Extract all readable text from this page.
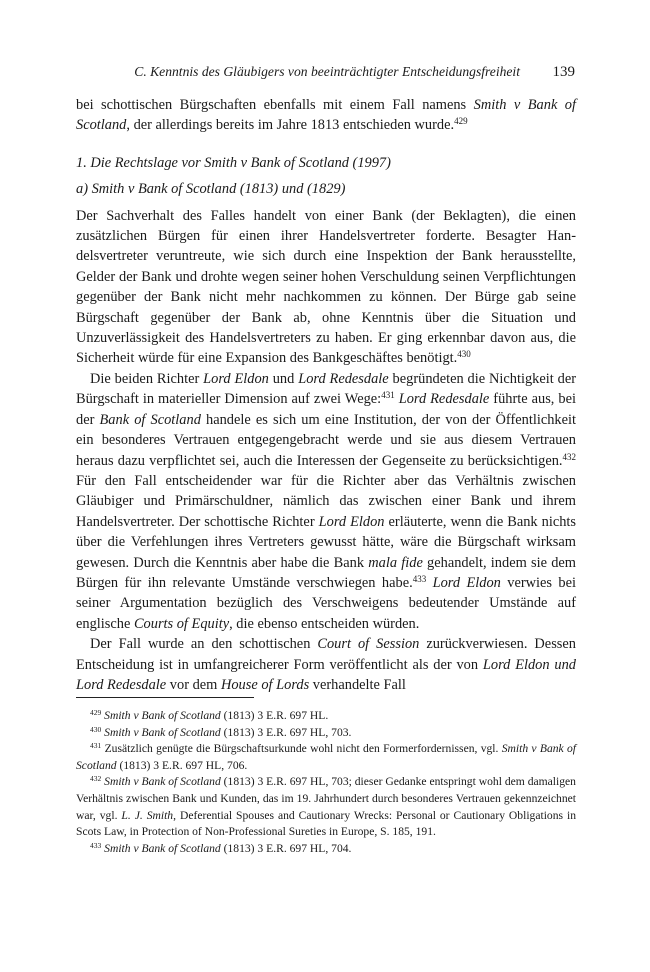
C. Kenntnis des Gläubigers von beeinträchtigter Entscheidungsfreiheit 139

bei schottischen Bürgschaften ebenfalls mit einem Fall namens Smith v Bank of Scotland, der allerdings bereits im Jahre 1813 entschieden wurde.$^{429}$

1. Die Rechtslage vor Smith v Bank of Scotland (1997)

a) Smith v Bank of Scotland (1813) und (1829)

Der Sachverhalt des Falles handelt von einer Bank (der Beklagten), die einen zusätzlichen Bürgen für einen ihrer Handelsvertreter forderte. Besagter Handelsvertreter veruntreute, wie sich durch eine Inspektion der Bank herausstellte, Gelder der Bank und drohte wegen seiner hohen Verschuldung seinen Verpflichtungen gegenüber der Bank nicht mehr nachkommen zu können. Der Bürge gab seine Bürgschaft gegenüber der Bank ab, ohne Kenntnis über die Situation und Unzuverlässigkeit des Handelsvertreters zu haben. Er ging erkennbar davon aus, die Sicherheit würde für eine Expansion des Bankgeschäftes benötigt.$^{430}$

Die beiden Richter Lord Eldon und Lord Redesdale begründeten die Nichtigkeit der Bürgschaft in materieller Dimension auf zwei Wege:$^{431}$ Lord Redesdale führte aus, bei der Bank of Scotland handele es sich um eine Institution, der von der Öffentlichkeit ein besonderes Vertrauen entgegengebracht werde und sie aus diesem Vertrauen heraus dazu verpflichtet sei, auch die Interessen der Gegenseite zu berücksichtigen.$^{432}$ Für den Fall entscheidender war für die Richter aber das Verhältnis zwischen Gläubiger und Primärschuldner, nämlich das zwischen einer Bank und ihrem Handelsvertreter. Der schottische Richter Lord Eldon erläuterte, wenn die Bank nichts über die Verfehlungen ihres Vertreters gewusst hätte, wäre die Bürgschaft wirksam gewesen. Durch die Kenntnis aber habe die Bank mala fide gehandelt, indem sie dem Bürgen für ihn relevante Umstände verschwiegen habe.$^{433}$ Lord Eldon verwies bei seiner Argumentation bezüglich des Verschweigens bedeutender Umstände auf englische Courts of Equity, die ebenso entscheiden würden.

Der Fall wurde an den schottischen Court of Session zurückverwiesen. Dessen Entscheidung ist in umfangreicherer Form veröffentlicht als der von Lord Eldon und Lord Redesdale vor dem House of Lords verhandelte Fall

$^{429}$ Smith v Bank of Scotland (1813) 3 E.R. 697 HL.

$^{430}$ Smith v Bank of Scotland (1813) 3 E.R. 697 HL, 703.

$^{431}$ Zusätzlich genügte die Bürgschaftsurkunde wohl nicht den Formerfordernissen, vgl. Smith v Bank of Scotland (1813) 3 E.R. 697 HL, 706.

$^{432}$ Smith v Bank of Scotland (1813) 3 E.R. 697 HL, 703; dieser Gedanke entspringt wohl dem damaligen Verhältnis zwischen Bank und Kunden, das im 19. Jahrhundert durch besonderes Vertrauen gekennzeichnet war, vgl. L. J. Smith, Deferential Spouses and Cautionary Wrecks: Personal or Cautionary Obligations in Scots Law, in Protection of Non-Professional Sureties in Europe, S. 185, 191.

$^{433}$ Smith v Bank of Scotland (1813) 3 E.R. 697 HL, 704.
